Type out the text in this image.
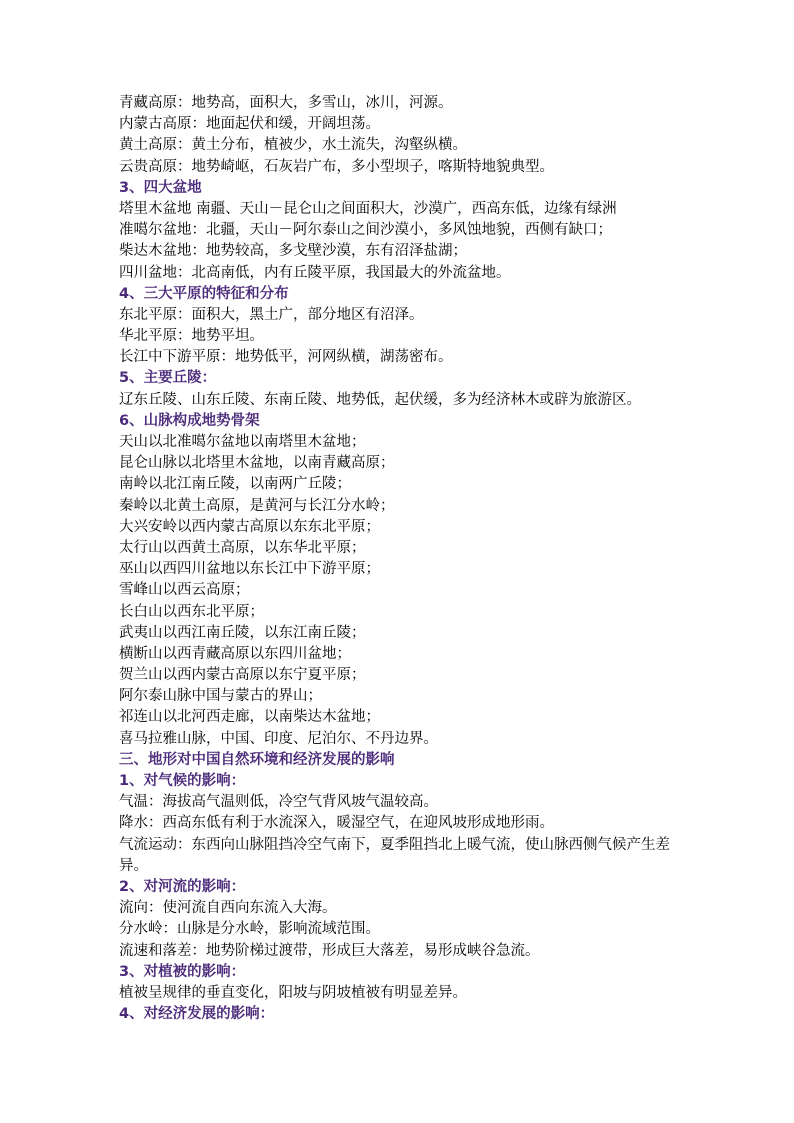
青藏高原：地势高，面积大，多雪山，冰川，河源。
内蒙古高原：地面起伏和缓，开阔坦荡。
黄土高原：黄土分布，植被少，水土流失，沟壑纵横。
云贵高原：地势崎岖，石灰岩广布，多小型坝子，喀斯特地貌典型。
3、四大盆地
塔里木盆地 南疆、天山－昆仑山之间面积大，沙漠广，西高东低，边缘有绿洲
准噶尔盆地：北疆，天山－阿尔泰山之间沙漠小，多风蚀地貌，西侧有缺口；
柴达木盆地：地势较高，多戈壁沙漠，东有沼泽盐湖；
四川盆地：北高南低，内有丘陵平原，我国最大的外流盆地。
4、三大平原的特征和分布
东北平原：面积大，黑土广，部分地区有沼泽。
华北平原：地势平坦。
长江中下游平原：地势低平，河网纵横，湖荡密布。
5、主要丘陵：
辽东丘陵、山东丘陵、东南丘陵、地势低，起伏缓，多为经济林木或辟为旅游区。
6、山脉构成地势骨架
天山以北准噶尔盆地以南塔里木盆地；
昆仑山脉以北塔里木盆地，以南青藏高原；
南岭以北江南丘陵，以南两广丘陵；
秦岭以北黄土高原，是黄河与长江分水岭；
大兴安岭以西内蒙古高原以东东北平原；
太行山以西黄土高原，以东华北平原；
巫山以西四川盆地以东长江中下游平原；
雪峰山以西云高原；
长白山以西东北平原；
武夷山以西江南丘陵，以东江南丘陵；
横断山以西青藏高原以东四川盆地；
贺兰山以西内蒙古高原以东宁夏平原；
阿尔泰山脉中国与蒙古的界山；
祁连山以北河西走廊，以南柴达木盆地；
喜马拉雅山脉，中国、印度、尼泊尔、不丹边界。
三、地形对中国自然环境和经济发展的影响
1、对气候的影响：
气温：海拔高气温则低，冷空气背风坡气温较高。
降水：西高东低有利于水流深入，暖湿空气，在迎风坡形成地形雨。
气流运动：东西向山脉阻挡冷空气南下，夏季阻挡北上暖气流，使山脉西侧气候产生差异。
2、对河流的影响：
流向：使河流自西向东流入大海。
分水岭：山脉是分水岭，影响流域范围。
流速和落差：地势阶梯过渡带，形成巨大落差，易形成峡谷急流。
3、对植被的影响：
植被呈规律的垂直变化，阳坡与阴坡植被有明显差异。
4、对经济发展的影响：
